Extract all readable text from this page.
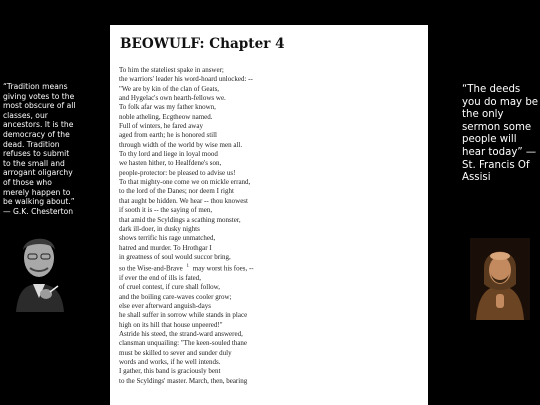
“Tradition means giving votes to the most obscure of all classes, our ancestors. It is the democracy of the dead. Tradition refuses to submit to the small and arrogant oligarchy of those who merely happen to be walking about.” — G.K. Chesterton
“The deeds you do may be the only sermon some people will hear today” — St. Francis Of Assisi
BEOWULF: Chapter 4
To him the stateliest spake in answer;
the warriors' leader his word-hoard unlocked: --
"We are by kin of the clan of Geats,
and Hygelac's own hearth-fellows we.
To folk afar was my father known,
noble atheling, Ecgtheow named.
Full of winters, he fared away
aged from earth; he is honored still
through width of the world by wise men all.
To thy lord and liege in loyal mood
we hasten hither, to Healfdene's son,
people-protector: be pleased to advise us!
To that mighty-one come we on mickle errand,
to the lord of the Danes; nor deem I right
that aught be hidden. We hear -- thou knowest
if sooth it is -- the saying of men,
that amid the Scyldings a scathing monster,
dark ill-doer, in dusky nights
shows terrific his rage unmatched,
hatred and murder. To Hrothgar I
in greatness of soul would succor bring,
so the Wise-and-Brave $^1$ may worst his foes, --
if ever the end of ills is fated,
of cruel contest, if cure shall follow,
and the boiling care-waves cooler grow;
else ever afterward anguish-days
he shall suffer in sorrow while stands in place
high on its hill that house unpeered!"
Astride his steed, the strand-ward answered,
clansman unquailing: "The keen-souled thane
must be skilled to sever and sunder duly
words and works, if he well intends.
I gather, this band is graciously bent
to the Scyldings' master. March, then, bearing
